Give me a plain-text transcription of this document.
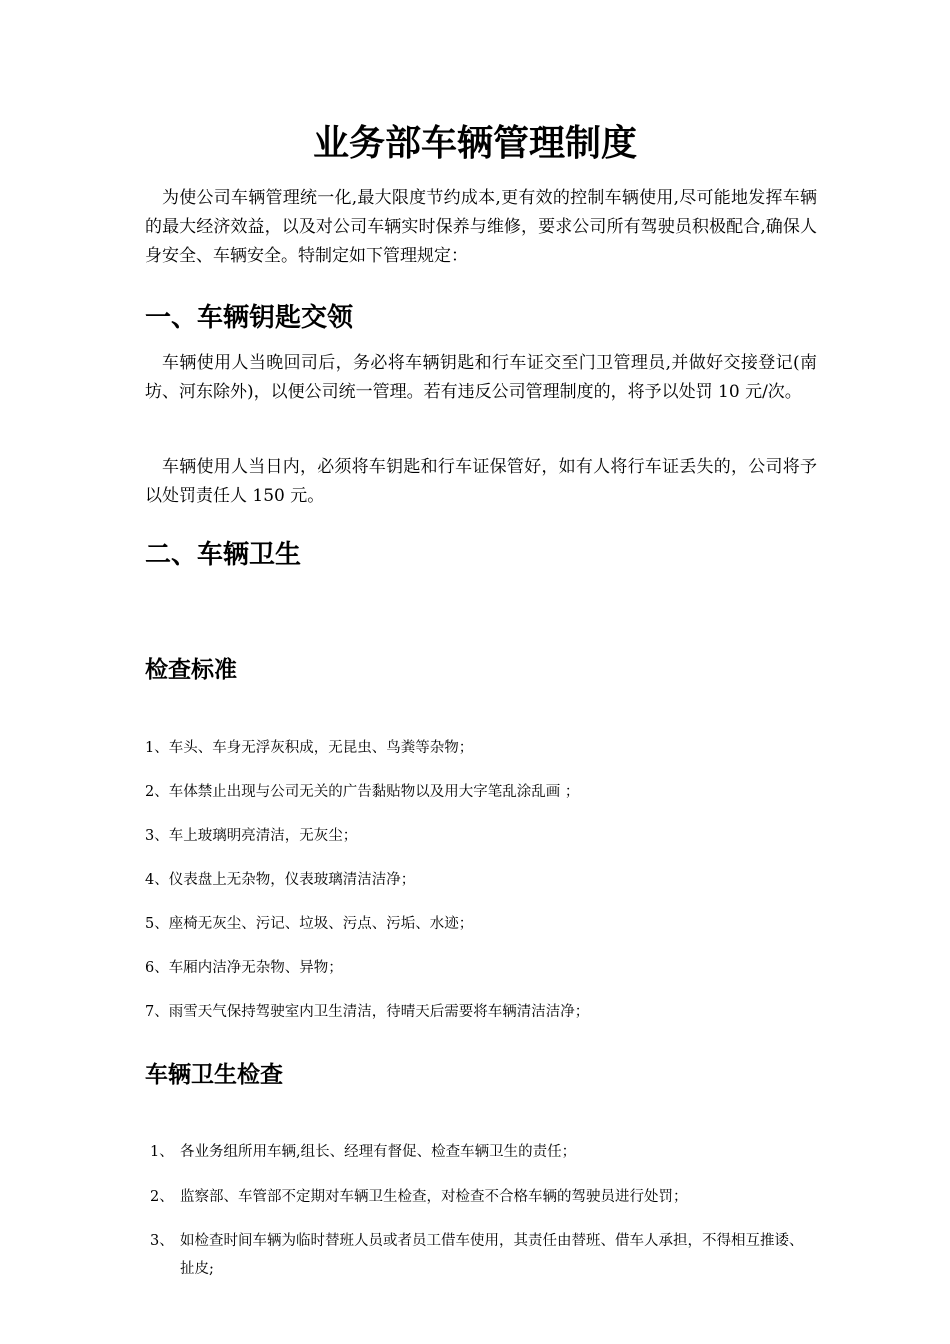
业务部车辆管理制度
为使公司车辆管理统一化,最大限度节约成本,更有效的控制车辆使用,尽可能地发挥车辆的最大经济效益，以及对公司车辆实时保养与维修，要求公司所有驾驶员积极配合,确保人身安全、车辆安全。特制定如下管理规定：
一、车辆钥匙交领
车辆使用人当晚回司后，务必将车辆钥匙和行车证交至门卫管理员,并做好交接登记(南坊、河东除外)，以便公司统一管理。若有违反公司管理制度的，将予以处罚 10 元/次。
车辆使用人当日内，必须将车钥匙和行车证保管好，如有人将行车证丢失的，公司将予以处罚责任人 150 元。
二、车辆卫生
检查标准
1、车头、车身无浮灰积成，无昆虫、鸟粪等杂物；
2、车体禁止出现与公司无关的广告黏贴物以及用大字笔乱涂乱画 ；
3、车上玻璃明亮清洁，无灰尘；
4、仪表盘上无杂物，仪表玻璃清洁洁净；
5、座椅无灰尘、污记、垃圾、污点、污垢、水迹；
6、车厢内洁净无杂物、异物；
7、雨雪天气保持驾驶室内卫生清洁，待晴天后需要将车辆清洁洁净；
车辆卫生检查
1、 各业务组所用车辆,组长、经理有督促、检查车辆卫生的责任；
2、 监察部、车管部不定期对车辆卫生检查，对检查不合格车辆的驾驶员进行处罚；
3、 如检查时间车辆为临时替班人员或者员工借车使用，其责任由替班、借车人承担，不得相互推诿、扯皮;
